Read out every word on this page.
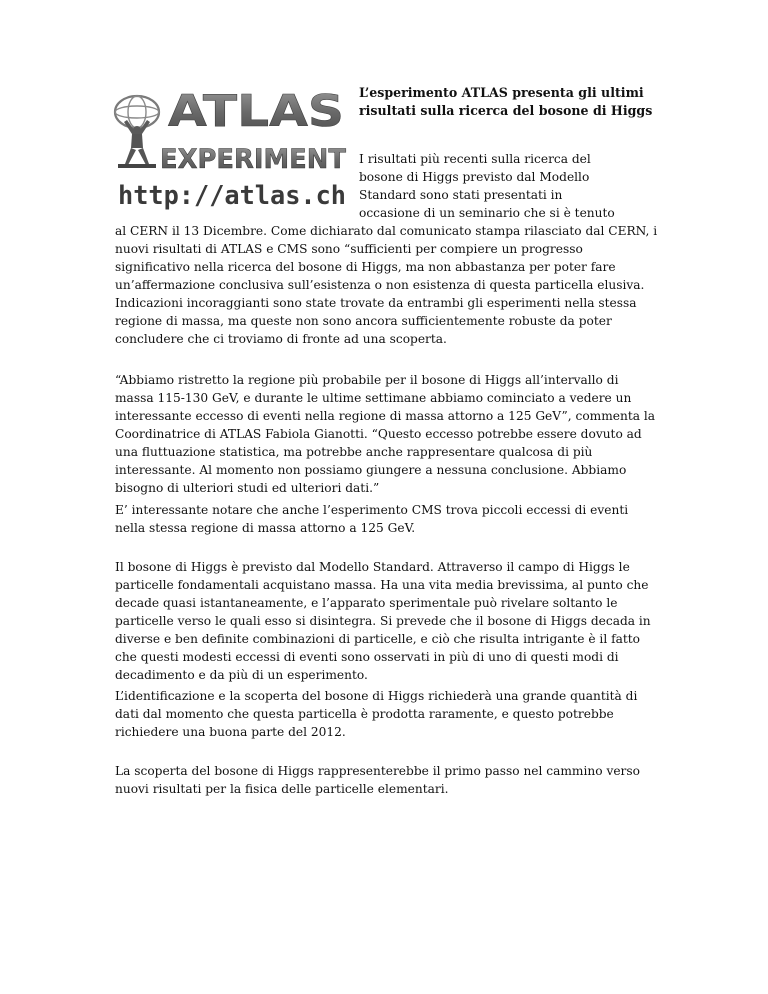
ATLAS
EXPERIMENT
http://atlas.ch
L’esperimento ATLAS presenta gli ultimi risultati sulla ricerca del bosone di Higgs
I risultati più recenti sulla ricerca del
bosone di Higgs previsto dal Modello
Standard sono stati presentati in
occasione di un seminario che si è tenuto

al CERN il 13 Dicembre. Come dichiarato dal comunicato stampa rilasciato dal CERN, i nuovi risultati di ATLAS e CMS sono “sufficienti per compiere un progresso significativo nella ricerca del bosone di Higgs, ma non abbastanza per poter fare un’affermazione conclusiva sull’esistenza o non esistenza di questa particella elusiva. Indicazioni incoraggianti sono state trovate da entrambi gli esperimenti nella stessa regione di massa, ma queste non sono ancora sufficientemente robuste da poter concludere che ci troviamo di fronte ad una scoperta.

“Abbiamo ristretto la regione più probabile per il bosone di Higgs all’intervallo di massa 115-130 GeV, e durante le ultime settimane abbiamo cominciato a vedere un interessante eccesso di eventi nella regione di massa attorno a 125 GeV”, commenta la Coordinatrice di ATLAS Fabiola Gianotti. “Questo eccesso potrebbe essere dovuto ad una fluttuazione statistica, ma potrebbe anche rappresentare qualcosa di più interessante. Al momento non possiamo giungere a nessuna conclusione. Abbiamo bisogno di ulteriori studi ed ulteriori dati.”

E’ interessante notare che anche l’esperimento CMS trova piccoli eccessi di eventi nella stessa regione di massa attorno a 125 GeV.

Il bosone di Higgs è previsto dal Modello Standard. Attraverso il campo di Higgs le particelle fondamentali acquistano massa. Ha una vita media brevissima, al punto che decade quasi istantaneamente, e l’apparato sperimentale può rivelare soltanto le particelle verso le quali esso si disintegra. Si prevede che il bosone di Higgs decada in diverse e ben definite combinazioni di particelle, e ciò che risulta intrigante è il fatto che questi modesti eccessi di eventi sono osservati in più di uno di questi modi di decadimento e da più di un esperimento.

L’identificazione e la scoperta del bosone di Higgs richiederà una grande quantità di dati dal momento che questa particella è prodotta raramente, e questo potrebbe richiedere una buona parte del 2012.

La scoperta del bosone di Higgs rappresenterebbe il primo passo nel cammino verso nuovi risultati per la fisica delle particelle elementari.
